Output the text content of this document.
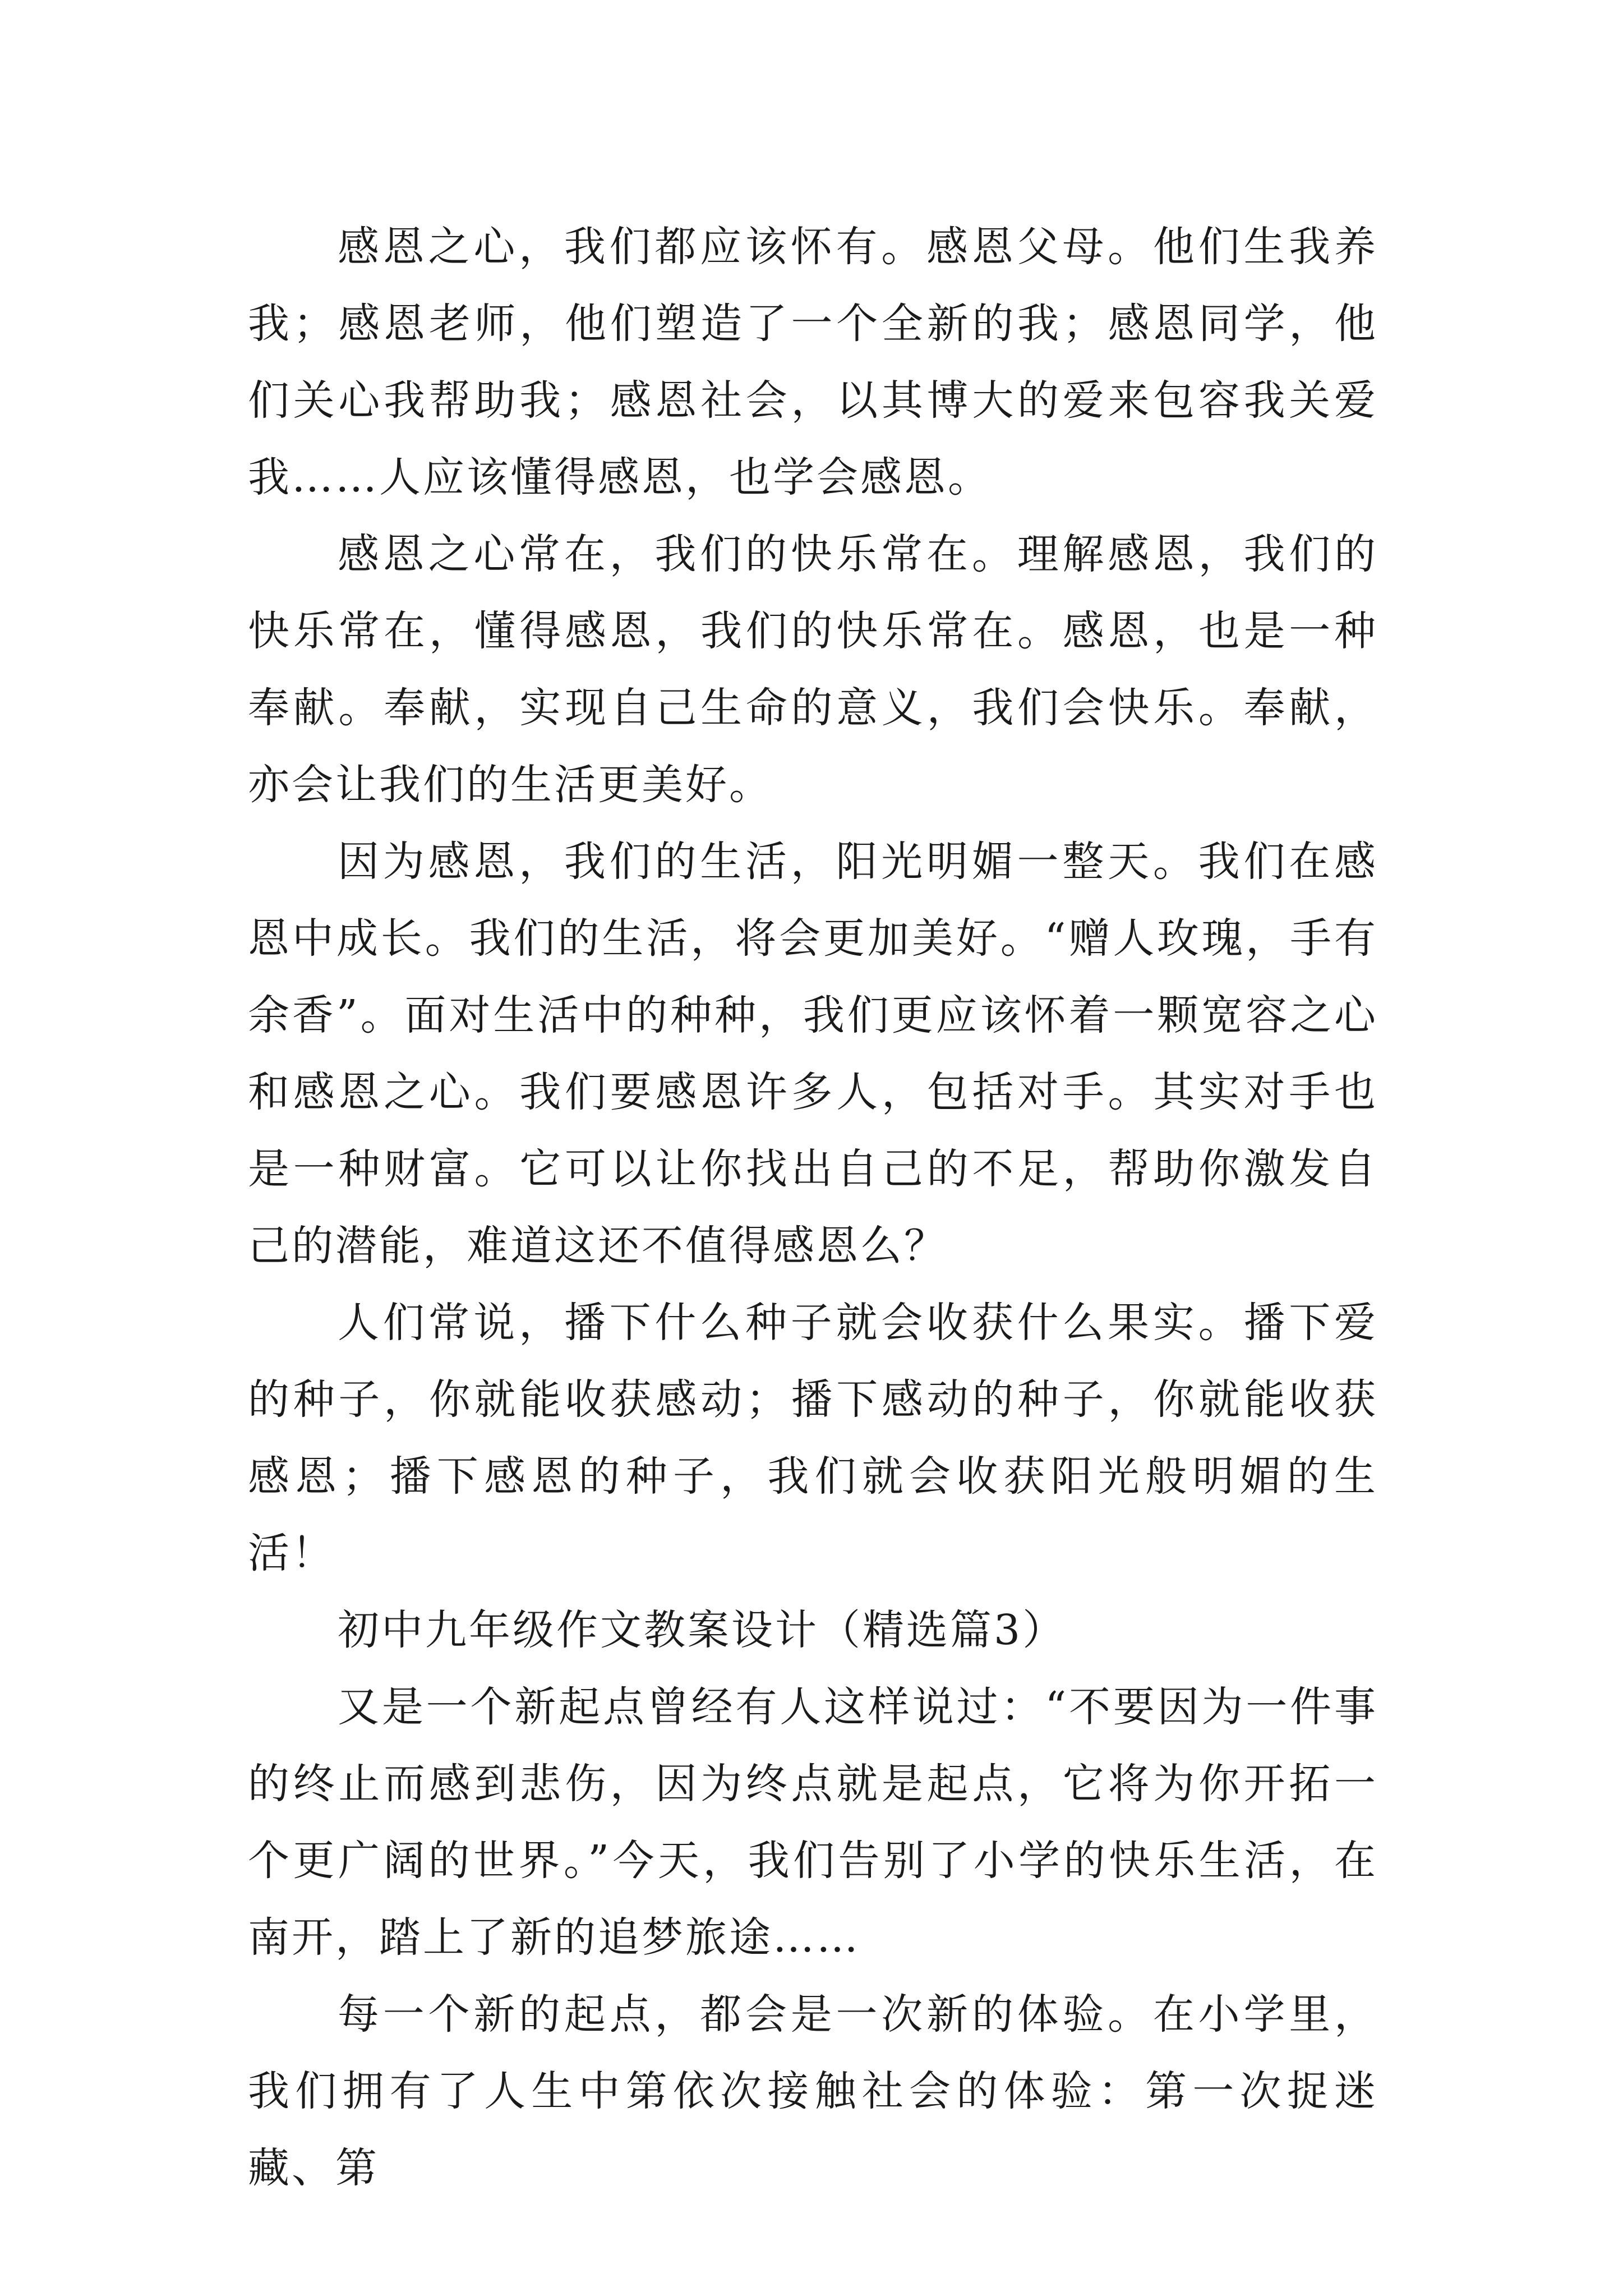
感恩之心，我们都应该怀有。感恩父母。他们生我养我；感恩老师，他们塑造了一个全新的我；感恩同学，他们关心我帮助我；感恩社会，以其博大的爱来包容我关爱我……人应该懂得感恩，也学会感恩。

感恩之心常在，我们的快乐常在。理解感恩，我们的快乐常在，懂得感恩，我们的快乐常在。感恩，也是一种奉献。奉献，实现自己生命的意义，我们会快乐。奉献，亦会让我们的生活更美好。

因为感恩，我们的生活，阳光明媚一整天。我们在感恩中成长。我们的生活，将会更加美好。“赠人玫瑰，手有余香”。面对生活中的种种，我们更应该怀着一颗宽容之心和感恩之心。我们要感恩许多人，包括对手。其实对手也是一种财富。它可以让你找出自己的不足，帮助你激发自己的潜能，难道这还不值得感恩么？

人们常说，播下什么种子就会收获什么果实。播下爱的种子，你就能收获感动；播下感动的种子，你就能收获感恩；播下感恩的种子，我们就会收获阳光般明媚的生活！

初中九年级作文教案设计（精选篇3）

又是一个新起点曾经有人这样说过：“不要因为一件事的终止而感到悲伤，因为终点就是起点，它将为你开拓一个更广阔的世界。”今天，我们告别了小学的快乐生活，在南开，踏上了新的追梦旅途……

每一个新的起点，都会是一次新的体验。在小学里，我们拥有了人生中第依次接触社会的体验：第一次捉迷藏、第
